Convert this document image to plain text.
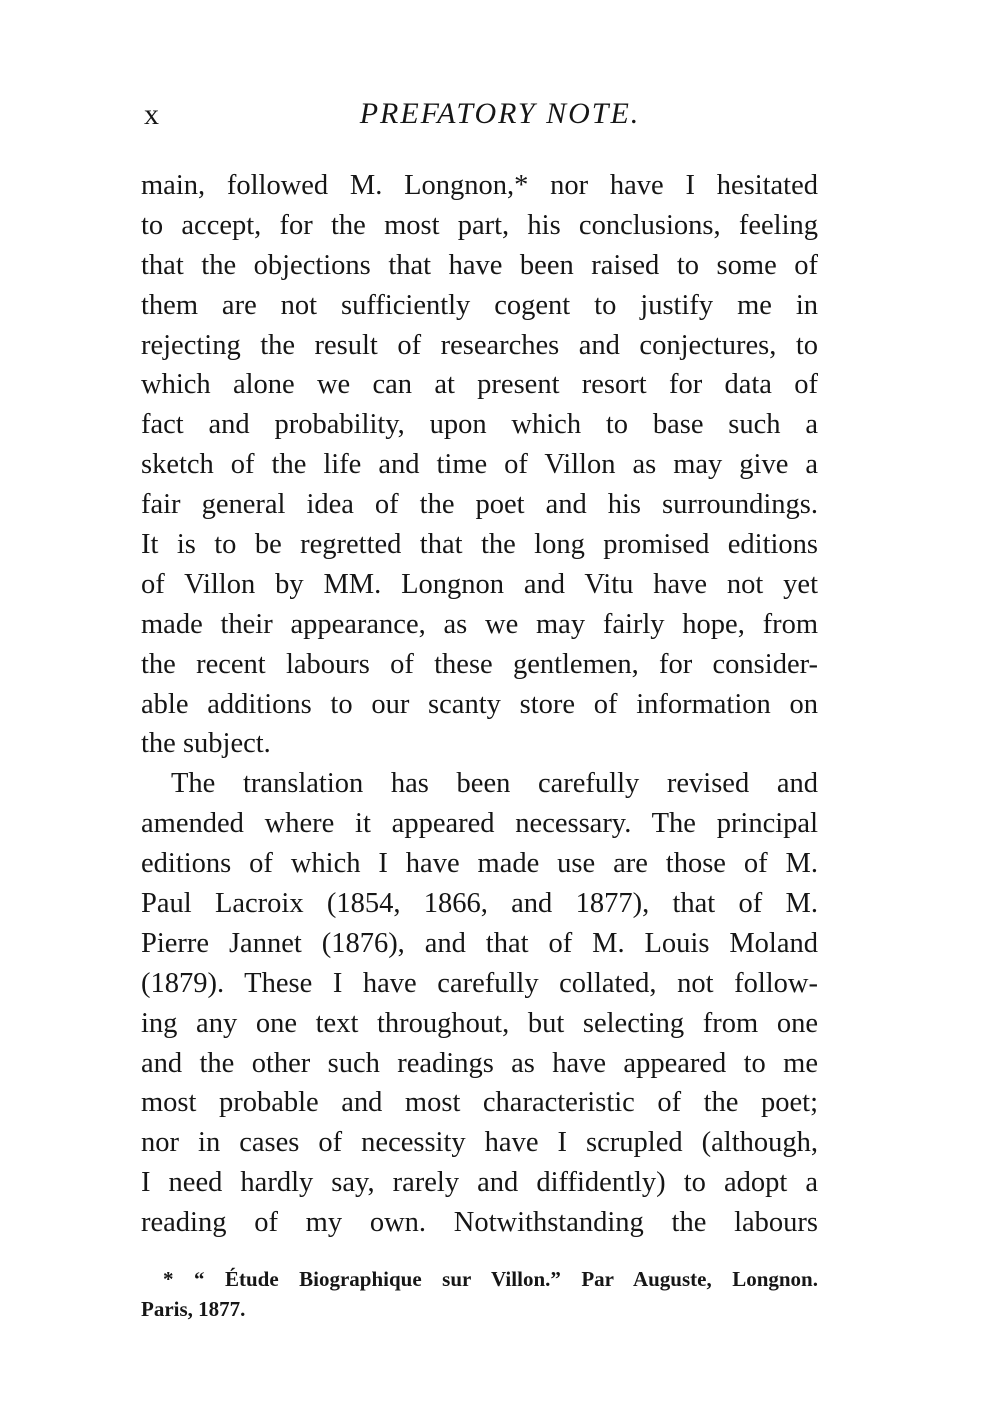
x	PREFATORY NOTE.
main, followed M. Longnon,* nor have I hesitated
to accept, for the most part, his conclusions, feeling
that the objections that have been raised to some of
them are not sufficiently cogent to justify me in
rejecting the result of researches and conjectures, to
which alone we can at present resort for data of
fact and probability, upon which to base such a
sketch of the life and time of Villon as may give a
fair general idea of the poet and his surroundings.
It is to be regretted that the long promised editions
of Villon by MM. Longnon and Vitu have not yet
made their appearance, as we may fairly hope, from
the recent labours of these gentlemen, for consider-
able additions to our scanty store of information on
the subject.
The translation has been carefully revised and
amended where it appeared necessary. The principal
editions of which I have made use are those of M.
Paul Lacroix (1854, 1866, and 1877), that of M.
Pierre Jannet (1876), and that of M. Louis Moland
(1879). These I have carefully collated, not follow-
ing any one text throughout, but selecting from one
and the other such readings as have appeared to me
most probable and most characteristic of the poet;
nor in cases of necessity have I scrupled (although,
I need hardly say, rarely and diffidently) to adopt a
reading of my own. Notwithstanding the labours
* “ Étude Biographique sur Villon.” Par Auguste, Longnon.
Paris, 1877.
